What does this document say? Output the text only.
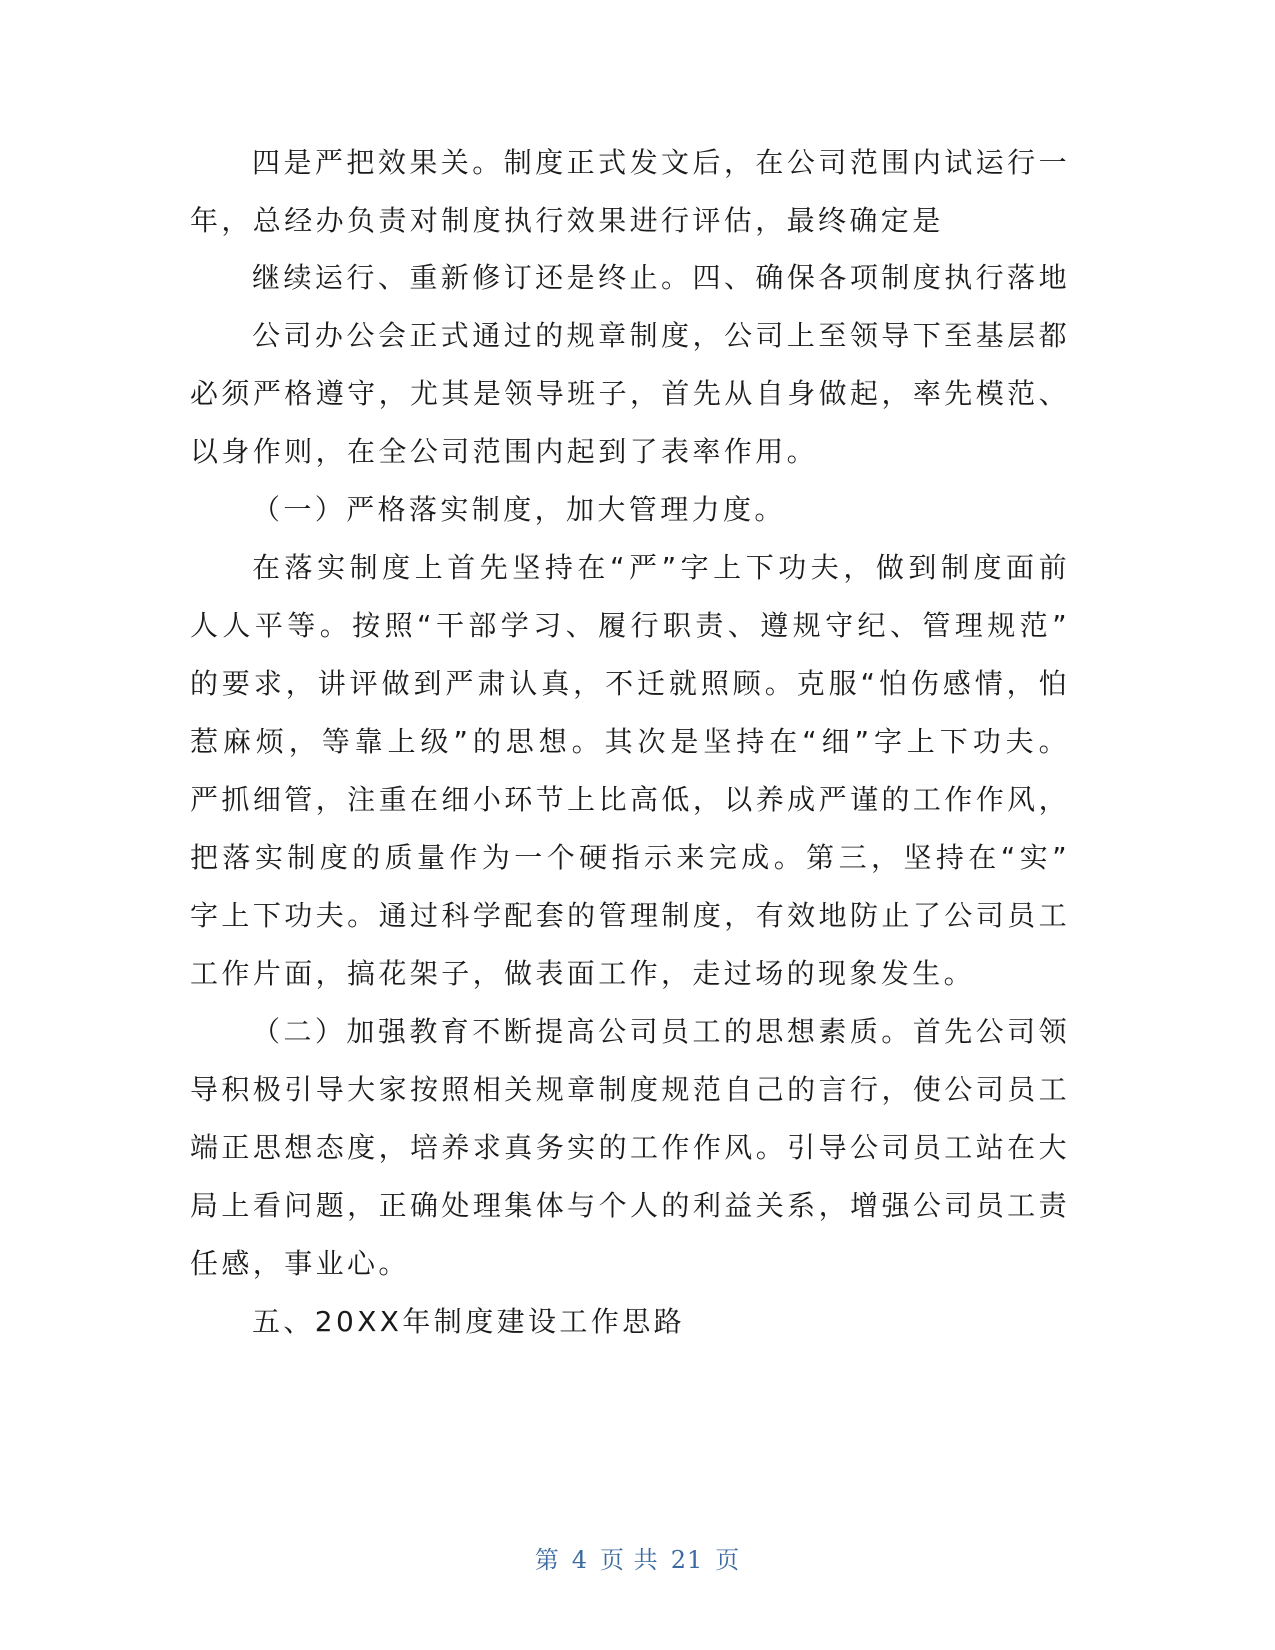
四是严把效果关。制度正式发文后，在公司范围内试运行一
年，总经办负责对制度执行效果进行评估，最终确定是
继续运行、重新修订还是终止。四、确保各项制度执行落地
公司办公会正式通过的规章制度，公司上至领导下至基层都
必须严格遵守，尤其是领导班子，首先从自身做起，率先模范、
以身作则，在全公司范围内起到了表率作用。
（一）严格落实制度，加大管理力度。
在落实制度上首先坚持在“严”字上下功夫，做到制度面前
人人平等。按照“干部学习、履行职责、遵规守纪、管理规范”
的要求，讲评做到严肃认真，不迁就照顾。克服“怕伤感情，怕
惹麻烦，等靠上级”的思想。其次是坚持在“细”字上下功夫。
严抓细管，注重在细小环节上比高低，以养成严谨的工作作风，
把落实制度的质量作为一个硬指示来完成。第三，坚持在“实”
字上下功夫。通过科学配套的管理制度，有效地防止了公司员工
工作片面，搞花架子，做表面工作，走过场的现象发生。
（二）加强教育不断提高公司员工的思想素质。首先公司领
导积极引导大家按照相关规章制度规范自己的言行，使公司员工
端正思想态度，培养求真务实的工作作风。引导公司员工站在大
局上看问题，正确处理集体与个人的利益关系，增强公司员工责
任感，事业心。
五、20XX年制度建设工作思路
第 4 页 共 21 页
